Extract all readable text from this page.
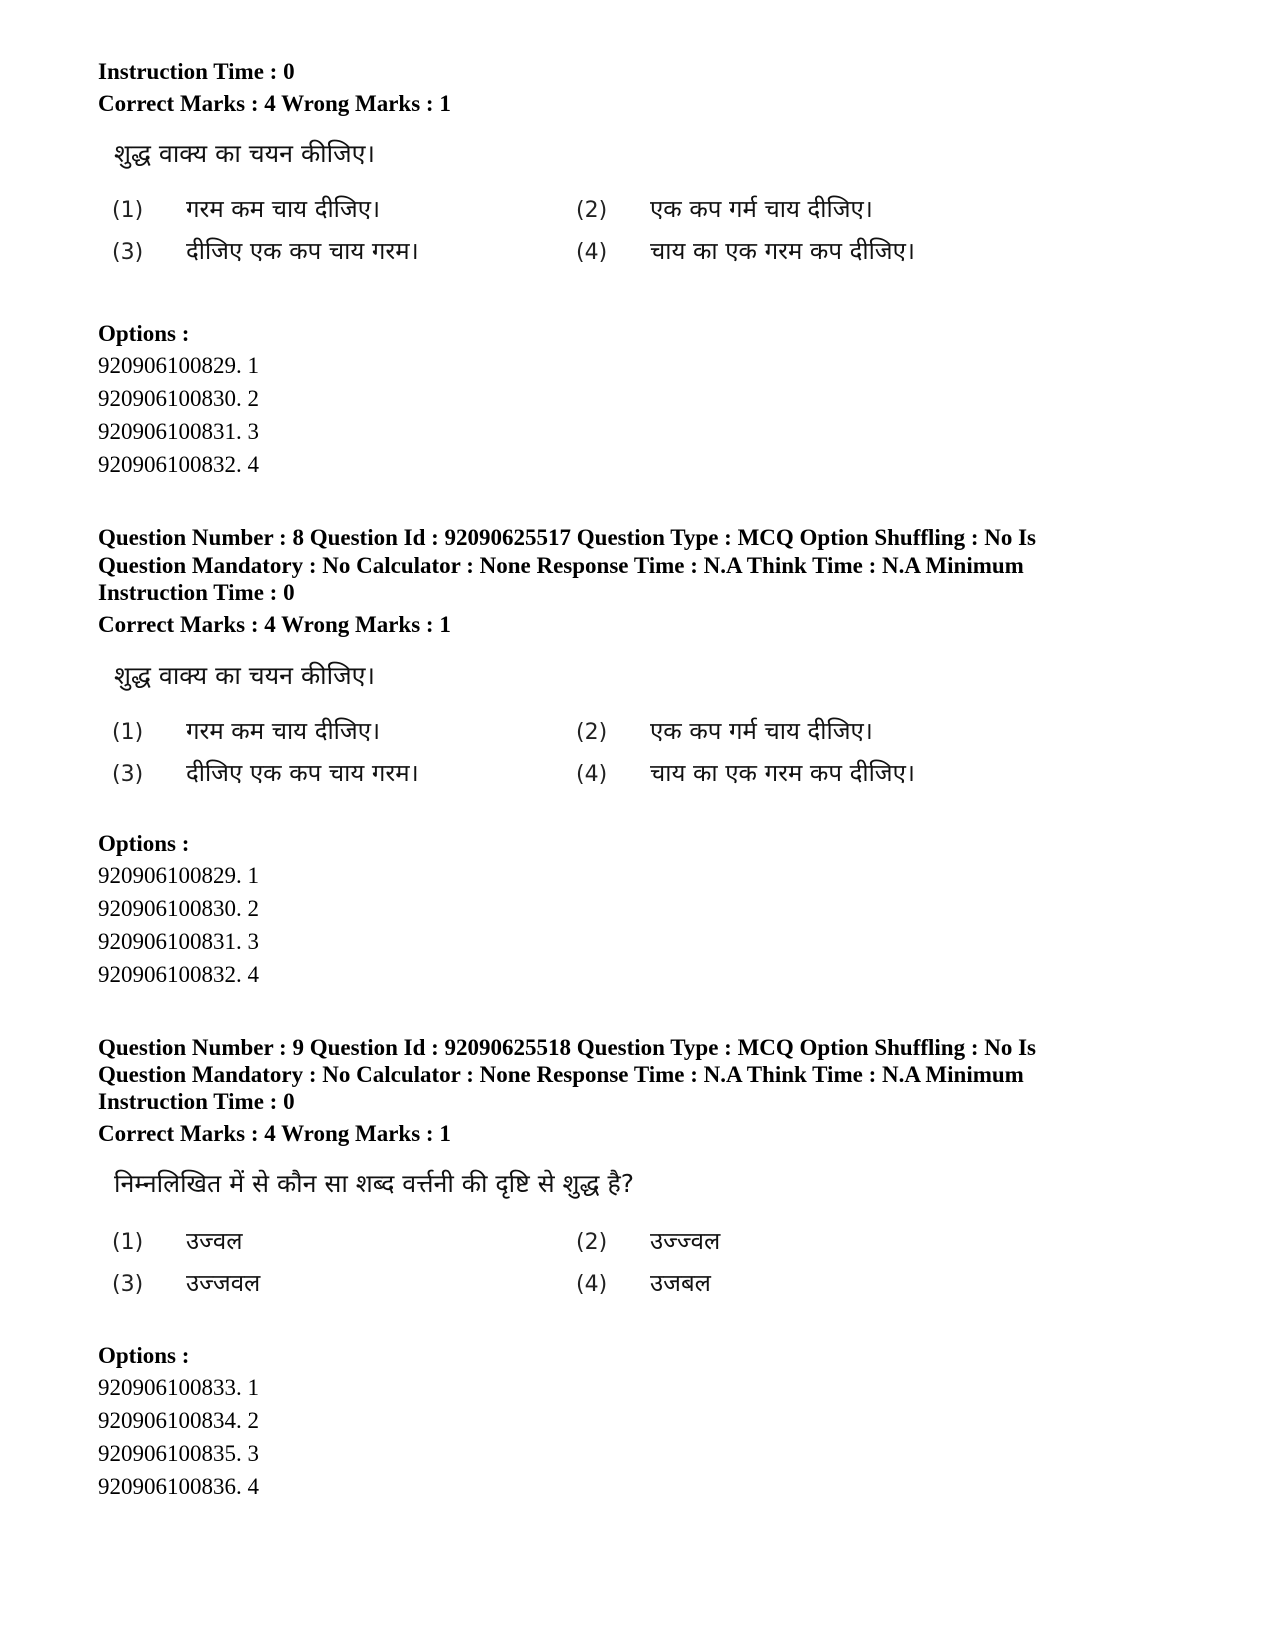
Instruction Time : 0
Correct Marks : 4 Wrong Marks : 1
शुद्ध वाक्य का चयन कीजिए।
(1) गरम कम चाय दीजिए।	(2) एक कप गर्म चाय दीजिए।
(3) दीजिए एक कप चाय गरम।	(4) चाय का एक गरम कप दीजिए।
Options :
920906100829. 1
920906100830. 2
920906100831. 3
920906100832. 4
Question Number : 8 Question Id : 92090625517 Question Type : MCQ Option Shuffling : No Is
Question Mandatory : No Calculator : None Response Time : N.A Think Time : N.A Minimum
Instruction Time : 0
Correct Marks : 4 Wrong Marks : 1
शुद्ध वाक्य का चयन कीजिए।
(1) गरम कम चाय दीजिए।	(2) एक कप गर्म चाय दीजिए।
(3) दीजिए एक कप चाय गरम।	(4) चाय का एक गरम कप दीजिए।
Options :
920906100829. 1
920906100830. 2
920906100831. 3
920906100832. 4
Question Number : 9 Question Id : 92090625518 Question Type : MCQ Option Shuffling : No Is
Question Mandatory : No Calculator : None Response Time : N.A Think Time : N.A Minimum
Instruction Time : 0
Correct Marks : 4 Wrong Marks : 1
निम्नलिखित में से कौन सा शब्द वर्त्तनी की दृष्टि से शुद्ध है?
(1) उज्वल	(2) उज्ज्वल
(3) उज्जवल	(4) उजबल
Options :
920906100833. 1
920906100834. 2
920906100835. 3
920906100836. 4
